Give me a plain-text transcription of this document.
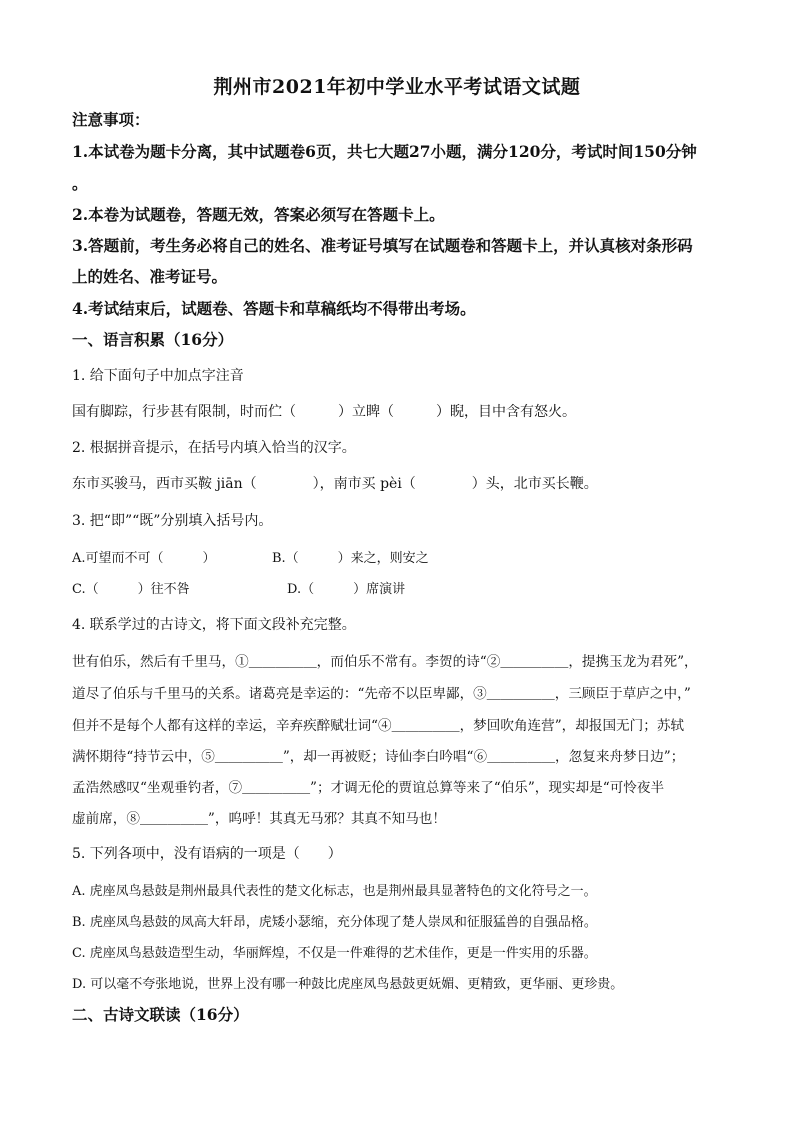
荆州市2021年初中学业水平考试语文试题
注意事项：
1.本试卷为题卡分离，其中试题卷6页，共七大题27小题，满分120分，考试时间150分钟
。
2.本卷为试题卷，答题无效，答案必须写在答题卡上。
3.答题前，考生务必将自己的姓名、准考证号填写在试题卷和答题卡上，并认真核对条形码
上的姓名、准考证号。
4.考试结束后，试题卷、答题卡和草稿纸均不得带出考场。
一、语言积累（16分）
1. 给下面句子中加点字注音
国有脚踪，行步甚有限制，时而伫（　　　）立睥（　　　）睨，目中含有怒火。
2. 根据拼音提示，在括号内填入恰当的汉字。
东市买骏马，西市买鞍 jiān（　　　　），南市买 pèi（　　　　）头，北市买长鞭。
3. 把“即”“既”分别填入括号内。
A.可望而不可（　　　）	B.（　　　）来之，则安之
C.（　　　）往不咎	D.（　　　）席演讲
4. 联系学过的古诗文，将下面文段补充完整。
世有伯乐，然后有千里马，①＿＿＿＿＿，而伯乐不常有。李贺的诗“②＿＿＿＿＿，提携玉龙为君死”，
道尽了伯乐与千里马的关系。诸葛亮是幸运的：“先帝不以臣卑鄙，③＿＿＿＿＿，三顾臣于草庐之中，”
但并不是每个人都有这样的幸运，辛弃疾醉赋壮词“④＿＿＿＿＿，梦回吹角连营”，却报国无门；苏轼
满怀期待“持节云中，⑤＿＿＿＿＿”，却一再被贬；诗仙李白吟唱“⑥＿＿＿＿＿，忽复来舟梦日边”；
孟浩然感叹“坐观垂钓者，⑦＿＿＿＿＿”；才调无伦的贾谊总算等来了“伯乐”，现实却是“可怜夜半
虚前席，⑧＿＿＿＿＿”，呜呼！其真无马邪？其真不知马也！
5. 下列各项中，没有语病的一项是（　　）
A. 虎座凤鸟悬鼓是荆州最具代表性的楚文化标志，也是荆州最具显著特色的文化符号之一。
B. 虎座凤鸟悬鼓的凤高大轩昂，虎矮小瑟缩，充分体现了楚人崇凤和征服猛兽的自强品格。
C. 虎座凤鸟悬鼓造型生动，华丽辉煌，不仅是一件难得的艺术佳作，更是一件实用的乐器。
D. 可以毫不夸张地说，世界上没有哪一种鼓比虎座凤鸟悬鼓更妩媚、更精致，更华丽、更珍贵。
二、古诗文联读（16分）
